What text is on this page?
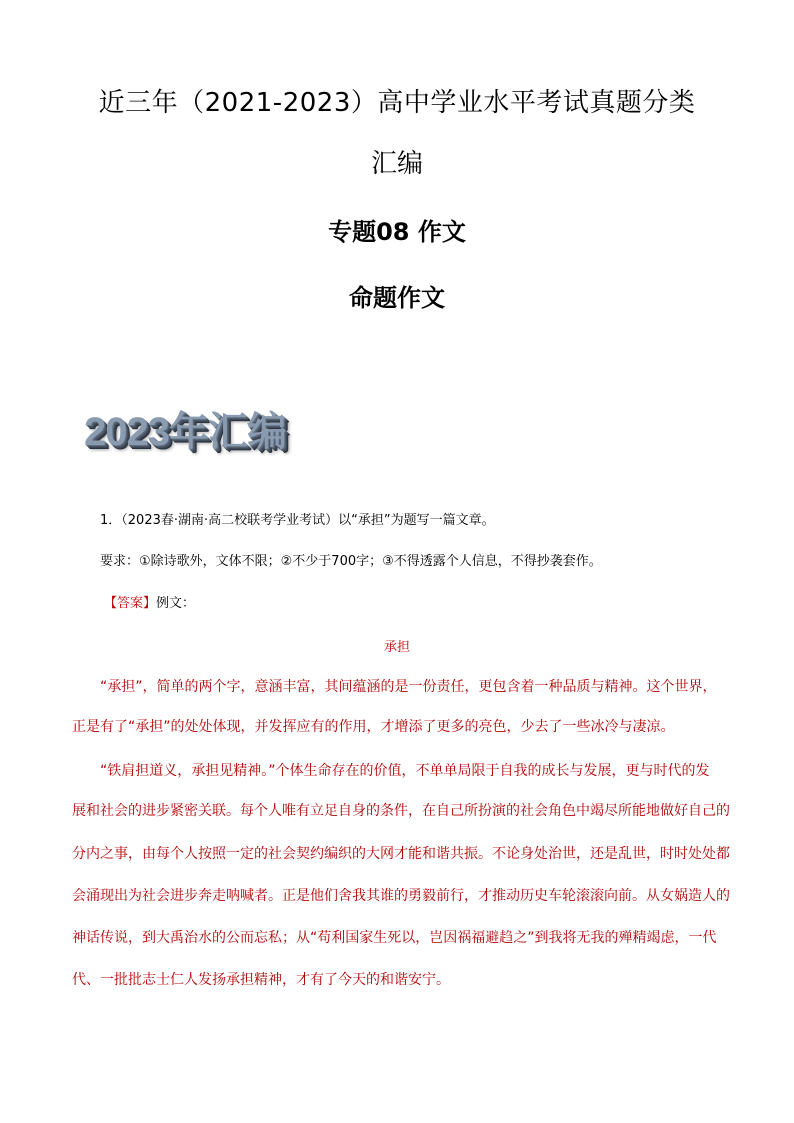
近三年（2021-2023）高中学业水平考试真题分类
汇编
专题08 作文
命题作文
2023年汇编
1．（2023春·湖南·高二校联考学业考试）以“承担”为题写一篇文章。
要求：①除诗歌外，文体不限；②不少于700字；③不得透露个人信息，不得抄袭套作。
【答案】例文：
承担
“承担”，简单的两个字，意涵丰富，其间蕴涵的是一份责任，更包含着一种品质与精神。这个世界，
正是有了“承担”的处处体现，并发挥应有的作用，才增添了更多的亮色，少去了一些冰冷与凄凉。
“铁肩担道义，承担见精神。”个体生命存在的价值，不单单局限于自我的成长与发展，更与时代的发
展和社会的进步紧密关联。每个人唯有立足自身的条件，在自己所扮演的社会角色中竭尽所能地做好自己的
分内之事，由每个人按照一定的社会契约编织的大网才能和谐共振。不论身处治世，还是乱世，时时处处都
会涌现出为社会进步奔走呐喊者。正是他们舍我其谁的勇毅前行，才推动历史车轮滚滚向前。从女娲造人的
神话传说，到大禹治水的公而忘私；从“苟利国家生死以，岂因祸福避趋之”到我将无我的殚精竭虑，一代
代、一批批志士仁人发扬承担精神，才有了今天的和谐安宁。
